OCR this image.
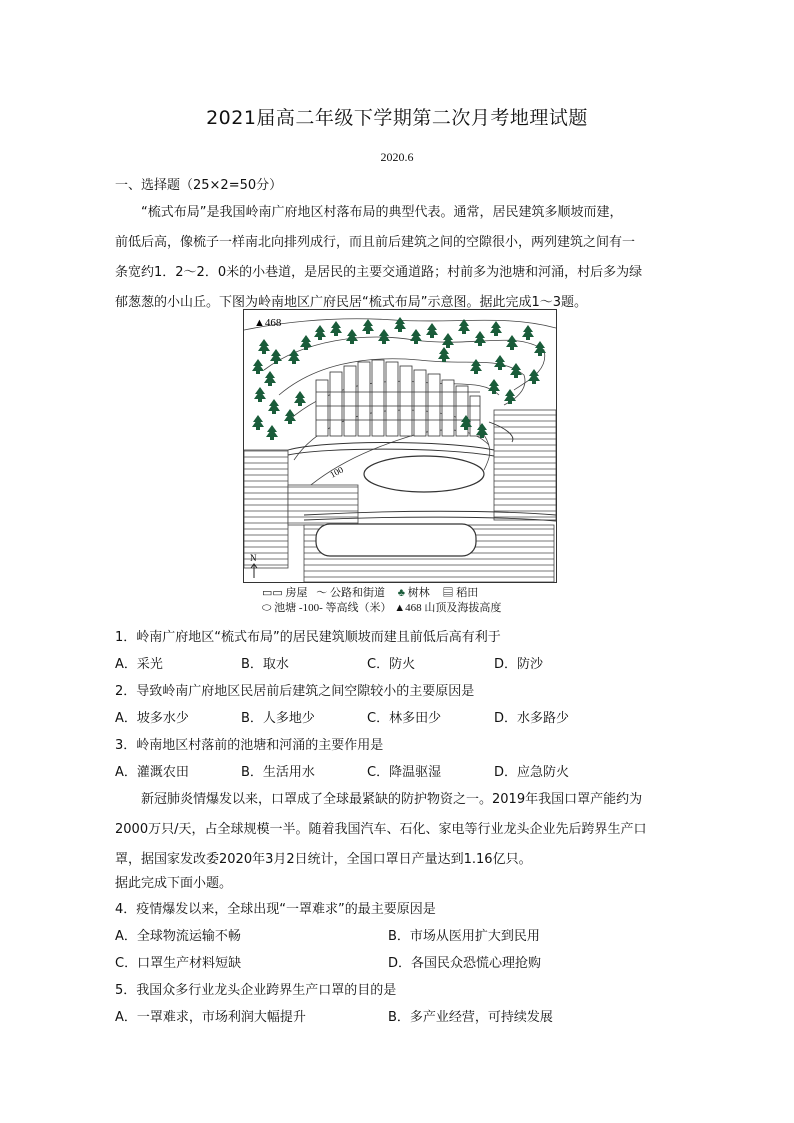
2021届高二年级下学期第二次月考地理试题
2020.6
一、选择题（25×2=50分）
“梳式布局”是我国岭南广府地区村落布局的典型代表。通常，居民建筑多顺坡而建，
前低后高，像梳子一样南北向排列成行，而且前后建筑之间的空隙很小，两列建筑之间有一
条宽约1．2～2．0米的小巷道，是居民的主要交通道路；村前多为池塘和河涌，村后多为绿
郁葱葱的小山丘。下图为岭南地区广府民居“梳式布局”示意图。据此完成1～3题。
100
▲468
N
▭▭ 房屋 〜 公路和街道 ♣ 树林 ▤ 稻田
⬭ 池塘 -100- 等高线（米） ▲468 山顶及海拔高度
1．岭南广府地区“梳式布局”的居民建筑顺坡而建且前低后高有利于
A．采光	B．取水	C．防火	D．防沙
2．导致岭南广府地区民居前后建筑之间空隙较小的主要原因是
A．坡多水少	B．人多地少	C．林多田少	D．水多路少
3．岭南地区村落前的池塘和河涌的主要作用是
A．灌溉农田	B．生活用水	C．降温驱湿	D．应急防火
新冠肺炎情爆发以来，口罩成了全球最紧缺的防护物资之一。2019年我国口罩产能约为
2000万只/天，占全球规模一半。随着我国汽车、石化、家电等行业龙头企业先后跨界生产口
罩，据国家发改委2020年3月2日统计，全国口罩日产量达到1.16亿只。
据此完成下面小题。
4．疫情爆发以来，全球出现“一罩难求”的最主要原因是
A．全球物流运输不畅	B．市场从医用扩大到民用
C．口罩生产材料短缺	D．各国民众恐慌心理抢购
5．我国众多行业龙头企业跨界生产口罩的目的是
A．一罩难求，市场利润大幅提升	B．多产业经营，可持续发展
